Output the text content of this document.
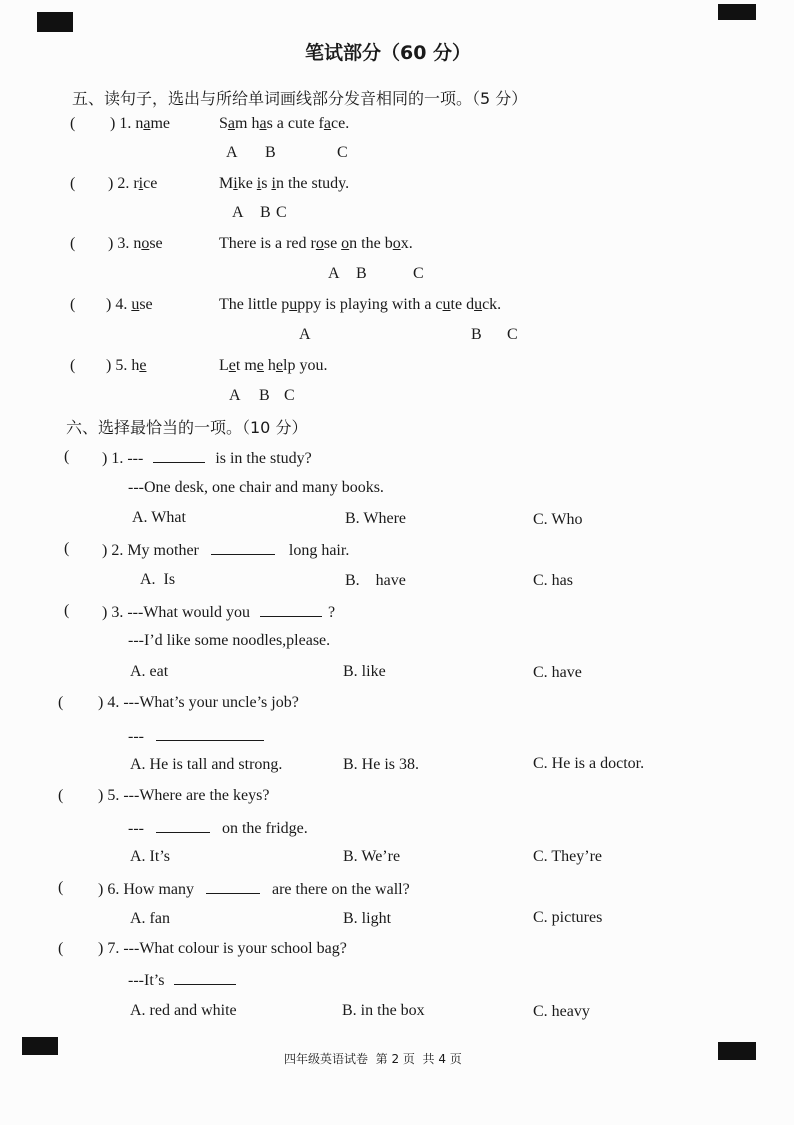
笔试部分（60 分）
五、读句子，选出与所给单词画线部分发音相同的一项。（5 分）
( ) 1. name	Sam has a cute face.
A B	C
( ) 2. rice	Mike is in the study.
A B C
( ) 3. nose	There is a red rose on the box.
A B	C
( ) 4. use	The little puppy is playing with a cute duck.
A	B C
( ) 5. he	Let me help you.
A B C
六、选择最恰当的一项。（10 分）
( ) 1. ---	is in the study?
---One desk, one chair and many books.
A. What	B. Where	C. Who
( ) 2. My mother	long hair.
A.  Is	B.    have	C. has
( ) 3. ---What would you	?
---I’d like some noodles,please.
A. eat	B. like	C. have
( ) 4. ---What’s your uncle’s job?
---
A. He is tall and strong.	B. He is 38.	C. He is a doctor.
( ) 5. ---Where are the keys?
---	on the fridge.
A. It’s	B. We’re	C. They’re
( ) 6. How many	are there on the wall?
A. fan	B. light	C. pictures
( ) 7. ---What colour is your school bag?
---It’s
A. red and white	B. in the box	C. heavy
四年级英语试卷  第 2 页  共 4 页
